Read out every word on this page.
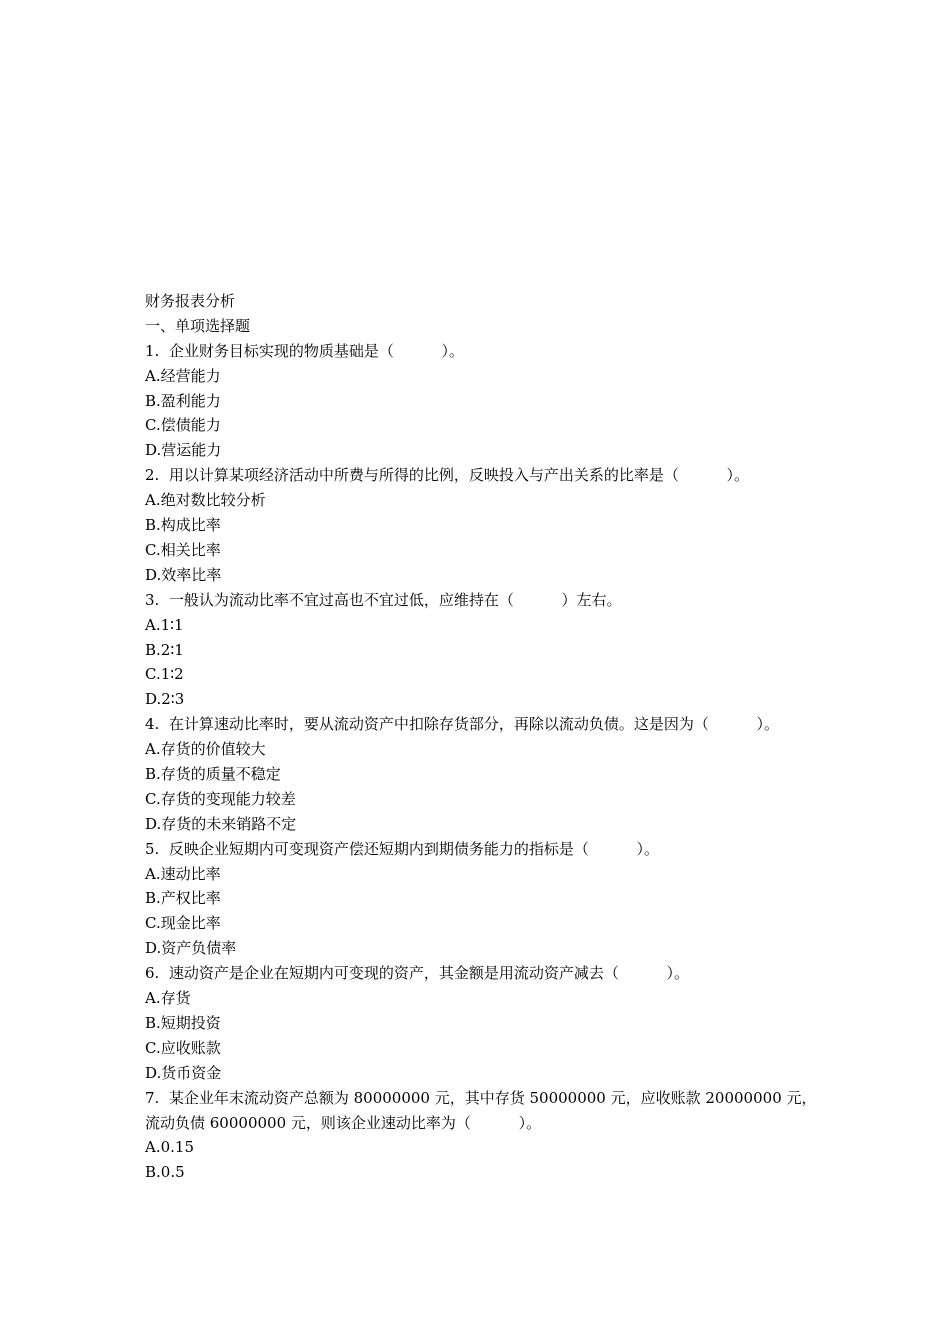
财务报表分析
一、单项选择题
1.  企业财务目标实现的物质基础是（          ）。
A.经营能力
B.盈利能力
C.偿债能力
D.营运能力
2.  用以计算某项经济活动中所费与所得的比例，反映投入与产出关系的比率是（          ）。
A.绝对数比较分析
B.构成比率
C.相关比率
D.效率比率
3.  一般认为流动比率不宜过高也不宜过低，应维持在（          ）左右。
A.1∶1
B.2∶1
C.1∶2
D.2∶3
4.  在计算速动比率时，要从流动资产中扣除存货部分，再除以流动负债。这是因为（          ）。
A.存货的价值较大
B.存货的质量不稳定
C.存货的变现能力较差
D.存货的未来销路不定
5.  反映企业短期内可变现资产偿还短期内到期债务能力的指标是（          ）。
A.速动比率
B.产权比率
C.现金比率
D.资产负债率
6.  速动资产是企业在短期内可变现的资产，其金额是用流动资产减去（          ）。
A.存货
B.短期投资
C.应收账款
D.货币资金
7.  某企业年末流动资产总额为 80000000 元，其中存货 50000000 元，应收账款 20000000 元，流动负债 60000000 元，则该企业速动比率为（          ）。
A.0.15
B.0.5
